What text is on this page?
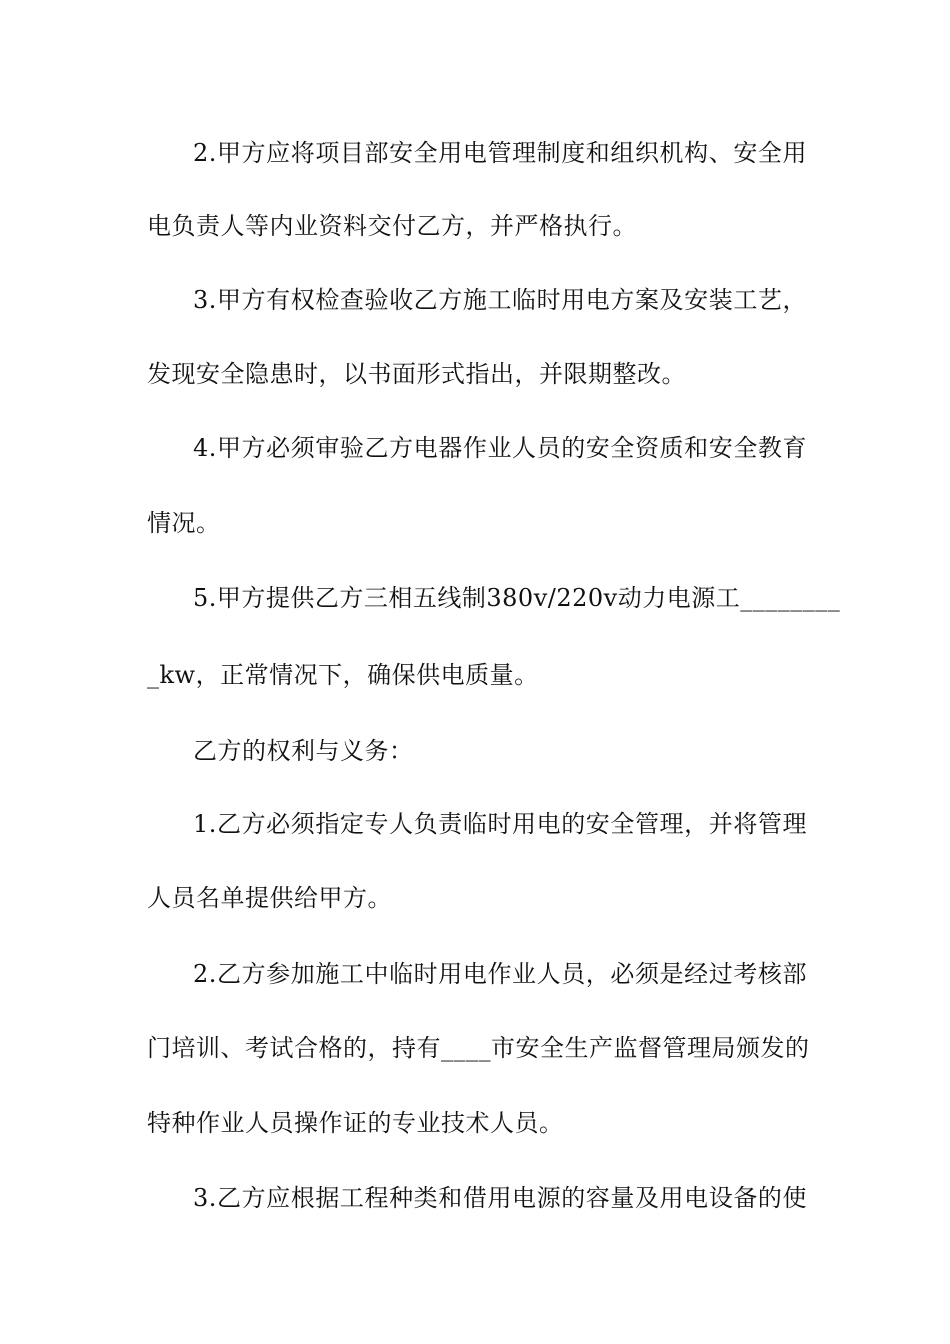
2.甲方应将项目部安全用电管理制度和组织机构、安全用
电负责人等内业资料交付乙方，并严格执行。
3.甲方有权检查验收乙方施工临时用电方案及安装工艺，
发现安全隐患时，以书面形式指出，并限期整改。
4.甲方必须审验乙方电器作业人员的安全资质和安全教育
情况。
5.甲方提供乙方三相五线制380v/220v动力电源工________
_kw，正常情况下，确保供电质量。
乙方的权利与义务：
1.乙方必须指定专人负责临时用电的安全管理，并将管理
人员名单提供给甲方。
2.乙方参加施工中临时用电作业人员，必须是经过考核部
门培训、考试合格的，持有____市安全生产监督管理局颁发的
特种作业人员操作证的专业技术人员。
3.乙方应根据工程种类和借用电源的容量及用电设备的使
